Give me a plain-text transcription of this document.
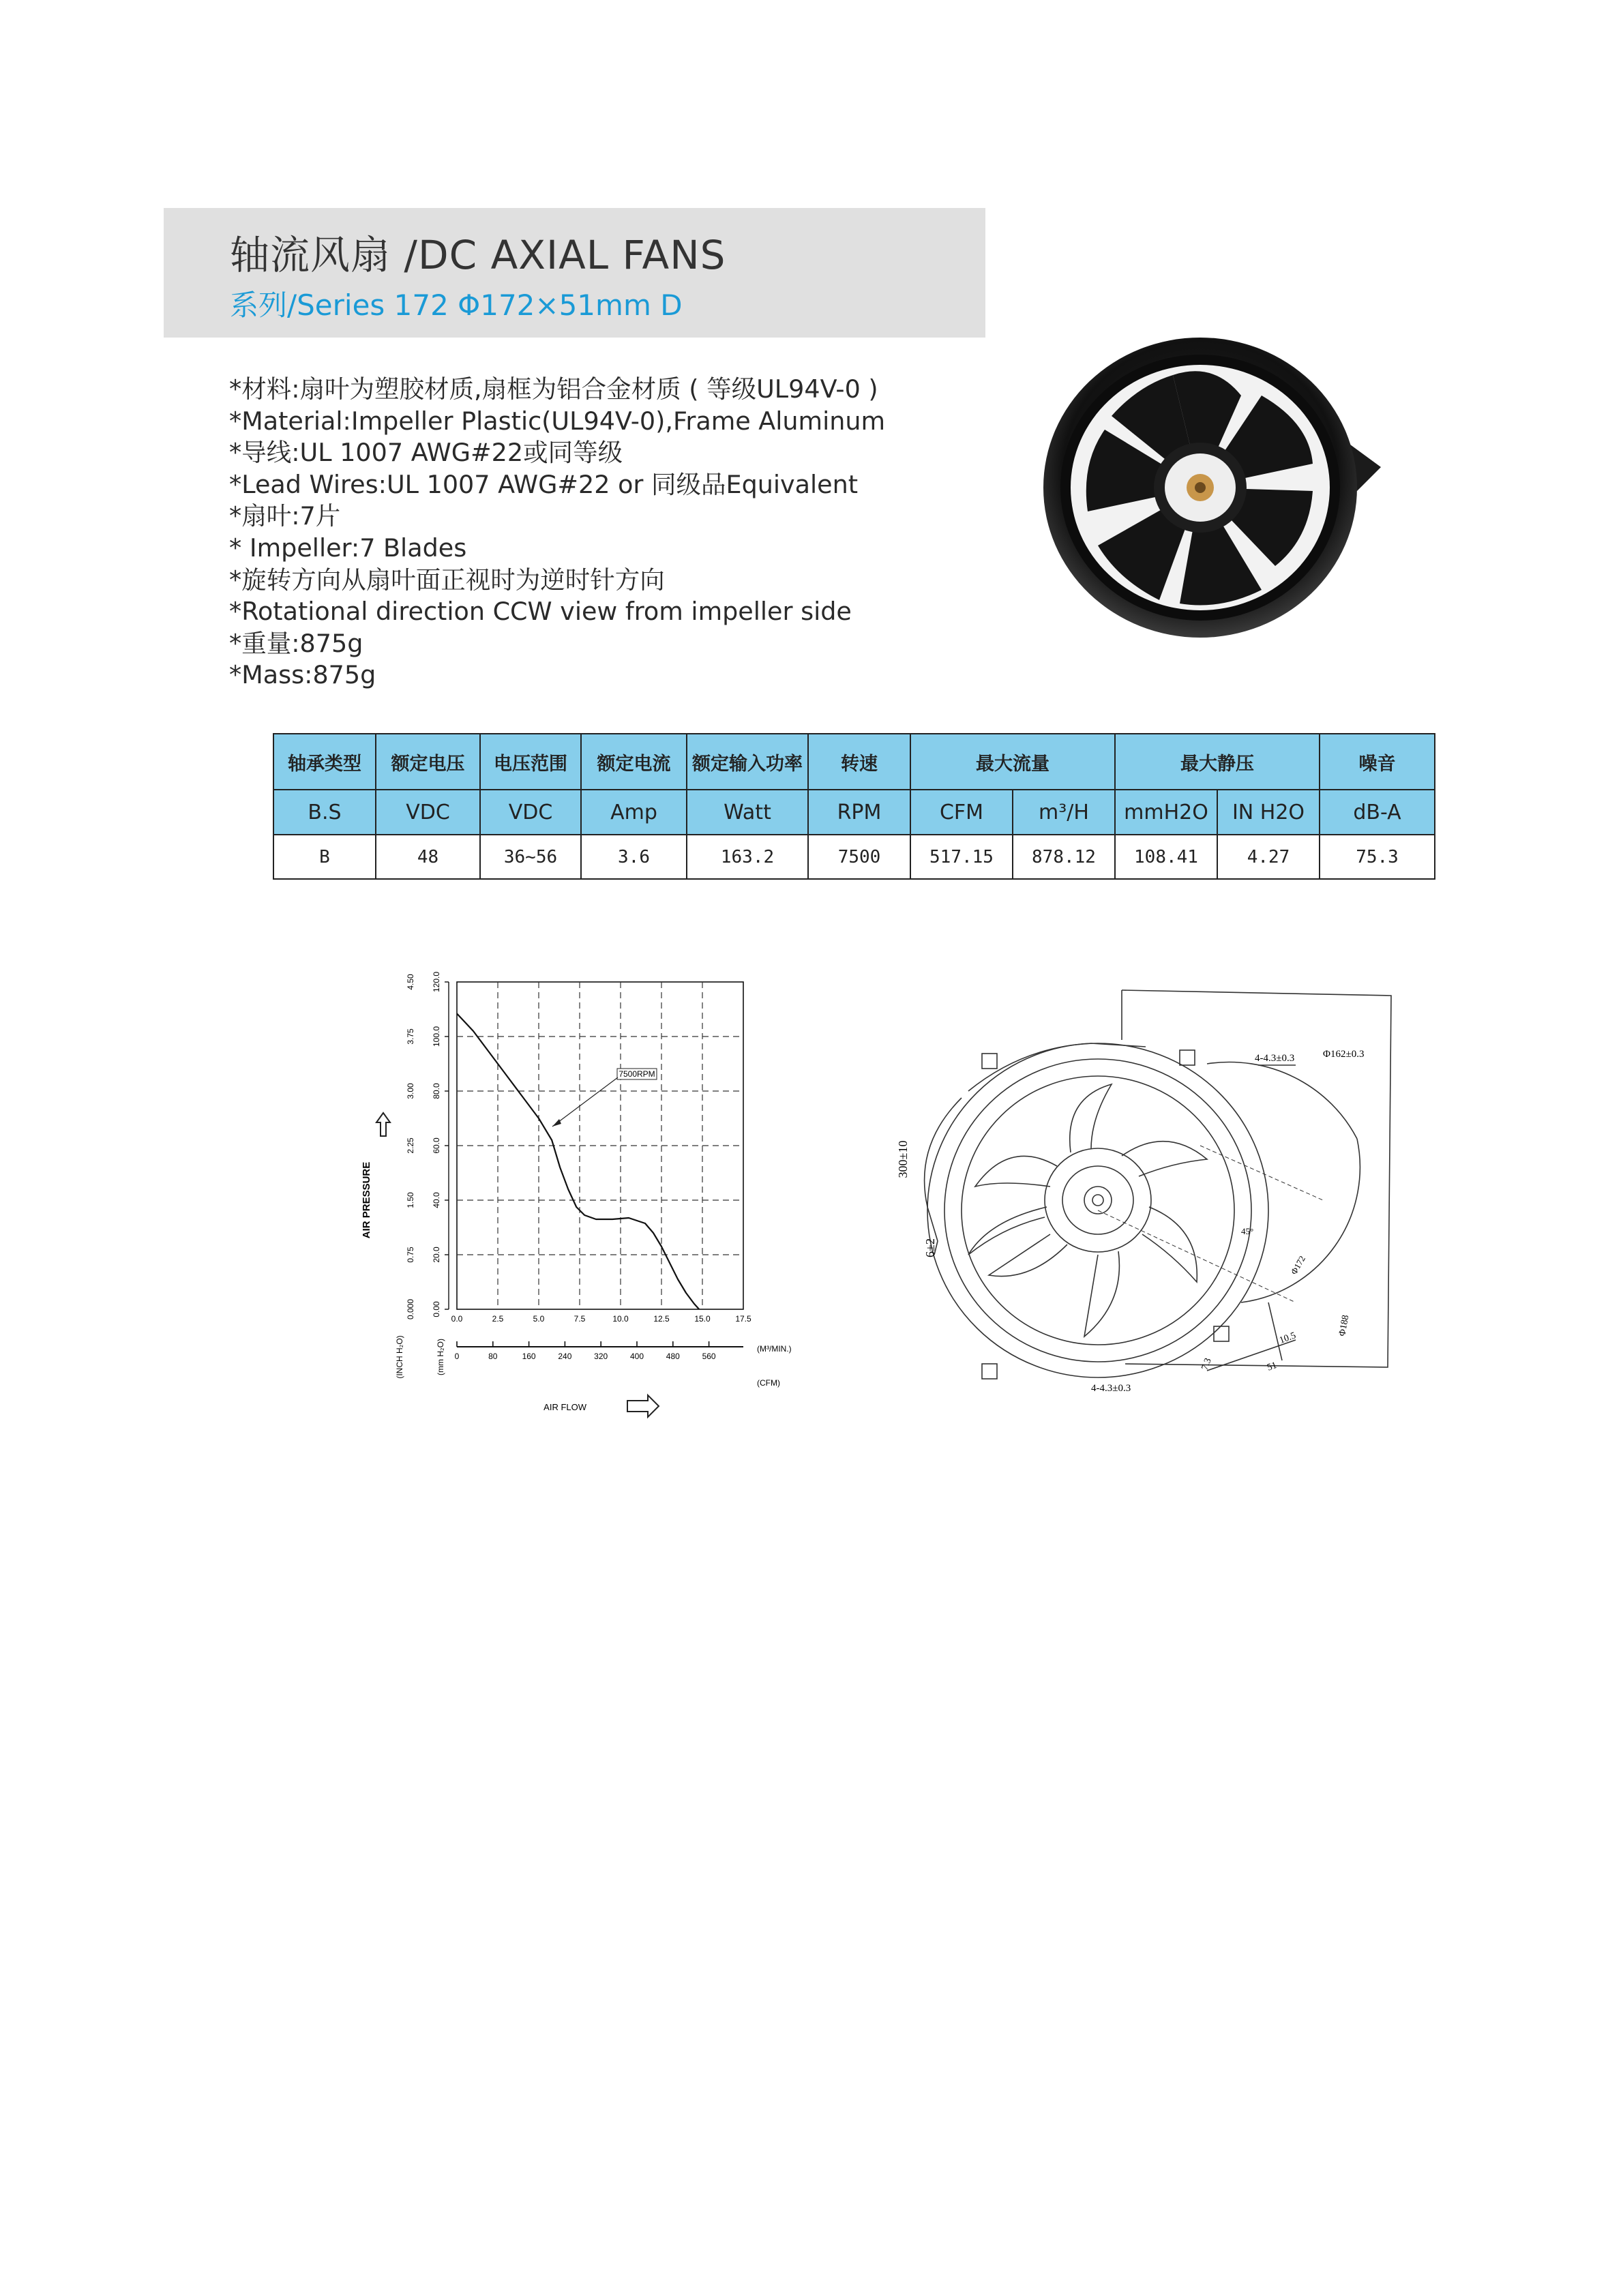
轴流风扇 /DC AXIAL FANS
系列/Series 172 Φ172×51mm D
*材料:扇叶为塑胶材质,扇框为铝合金材质 ( 等级UL94V-0 )
*Material:Impeller Plastic(UL94V-0),Frame Aluminum
*导线:UL 1007 AWG#22或同等级
*Lead Wires:UL 1007 AWG#22 or 同级品Equivalent
*扇叶:7片
* Impeller:7 Blades
*旋转方向从扇叶面正视时为逆时针方向
*Rotational direction CCW view from impeller side
*重量:875g
*Mass:875g
轴承类型	额定电压	电压范围	额定电流	额定输入功率	转速	最大流量		最大静压		噪音
B.S	VDC	VDC	Amp	Watt	RPM	CFM	m³/H	mmH2O	IN H2O	dB-A
B	48	36~56	3.6	163.2	7500	517.15	878.12	108.41	4.27	75.3
0.00
20.0
40.0
60.0
80.0
100.0
120.0
0.000
0.75
1.50
2.25
3.00
3.75
4.50
0.0	2.5	5.0	7.5	10.0	12.5	15.0	17.5
0	80	160	240	320	400	480	560
AIR PRESSURE
(INCH H₂O)	(mm H₂O)	(M³/MIN.)
(CFM)
AIR FLOW
7500RPM
300±10
6±2
4-4.3±0.3	Φ162±0.3
4-4.3±0.3
Φ188
10.5
7.3	51
45°
Φ172
